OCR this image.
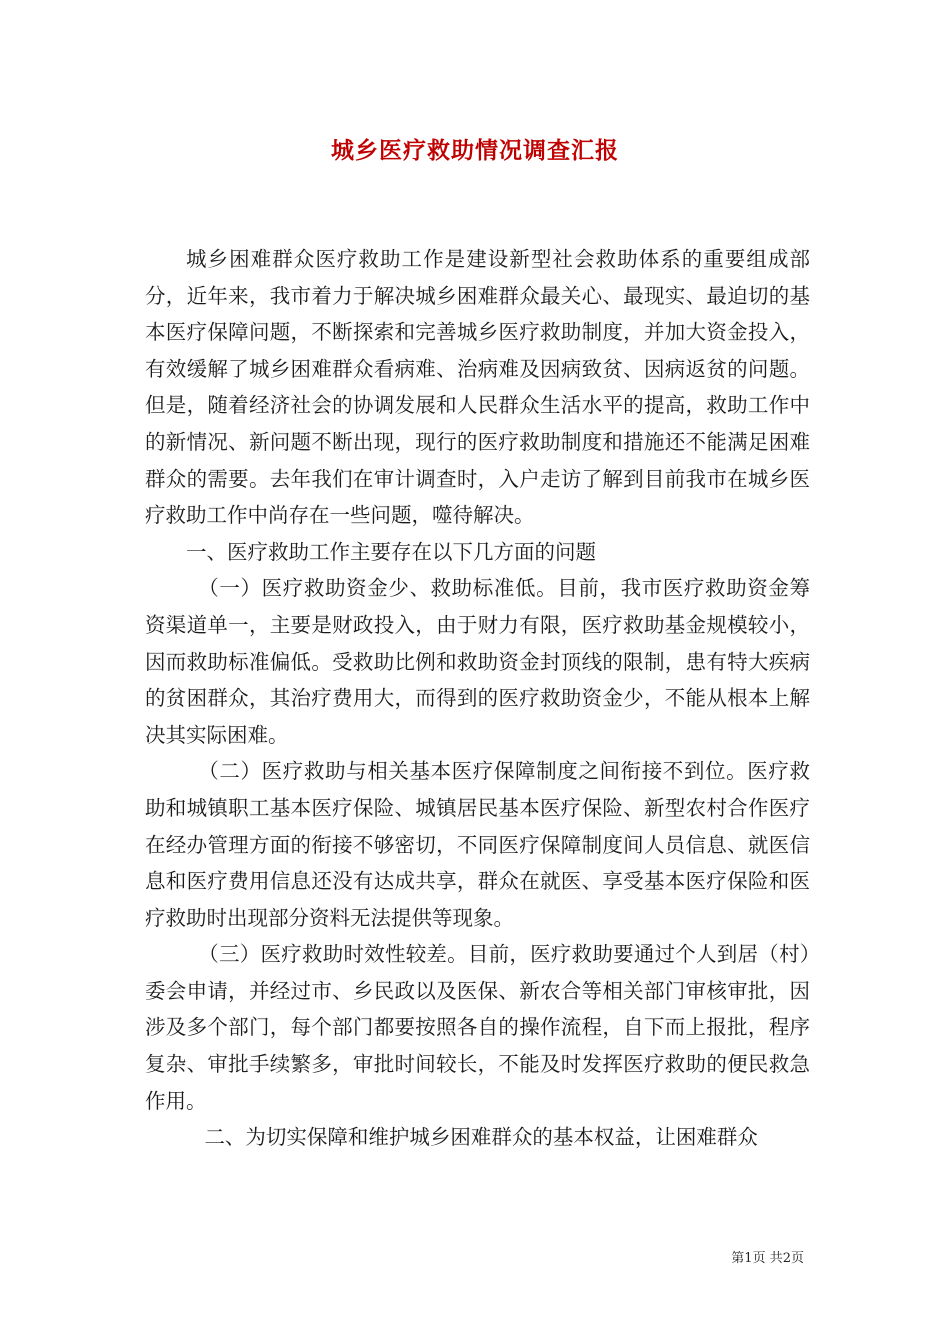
城乡医疗救助情况调查汇报

城乡困难群众医疗救助工作是建设新型社会救助体系的重要组成部分，近年来，我市着力于解决城乡困难群众最关心、最现实、最迫切的基本医疗保障问题，不断探索和完善城乡医疗救助制度，并加大资金投入，有效缓解了城乡困难群众看病难、治病难及因病致贫、因病返贫的问题。但是，随着经济社会的协调发展和人民群众生活水平的提高，救助工作中的新情况、新问题不断出现，现行的医疗救助制度和措施还不能满足困难群众的需要。去年我们在审计调查时，入户走访了解到目前我市在城乡医疗救助工作中尚存在一些问题，噬待解决。

一、医疗救助工作主要存在以下几方面的问题

（一）医疗救助资金少、救助标准低。目前，我市医疗救助资金筹资渠道单一，主要是财政投入，由于财力有限，医疗救助基金规模较小，因而救助标准偏低。受救助比例和救助资金封顶线的限制，患有特大疾病的贫困群众，其治疗费用大，而得到的医疗救助资金少，不能从根本上解决其实际困难。

（二）医疗救助与相关基本医疗保障制度之间衔接不到位。医疗救助和城镇职工基本医疗保险、城镇居民基本医疗保险、新型农村合作医疗在经办管理方面的衔接不够密切，不同医疗保障制度间人员信息、就医信息和医疗费用信息还没有达成共享，群众在就医、享受基本医疗保险和医疗救助时出现部分资料无法提供等现象。

（三）医疗救助时效性较差。目前，医疗救助要通过个人到居（村）委会申请，并经过市、乡民政以及医保、新农合等相关部门审核审批，因涉及多个部门，每个部门都要按照各自的操作流程，自下而上报批，程序复杂、审批手续繁多，审批时间较长，不能及时发挥医疗救助的便民救急作用。

二、为切实保障和维护城乡困难群众的基本权益，让困难群众

第1页 共2页
